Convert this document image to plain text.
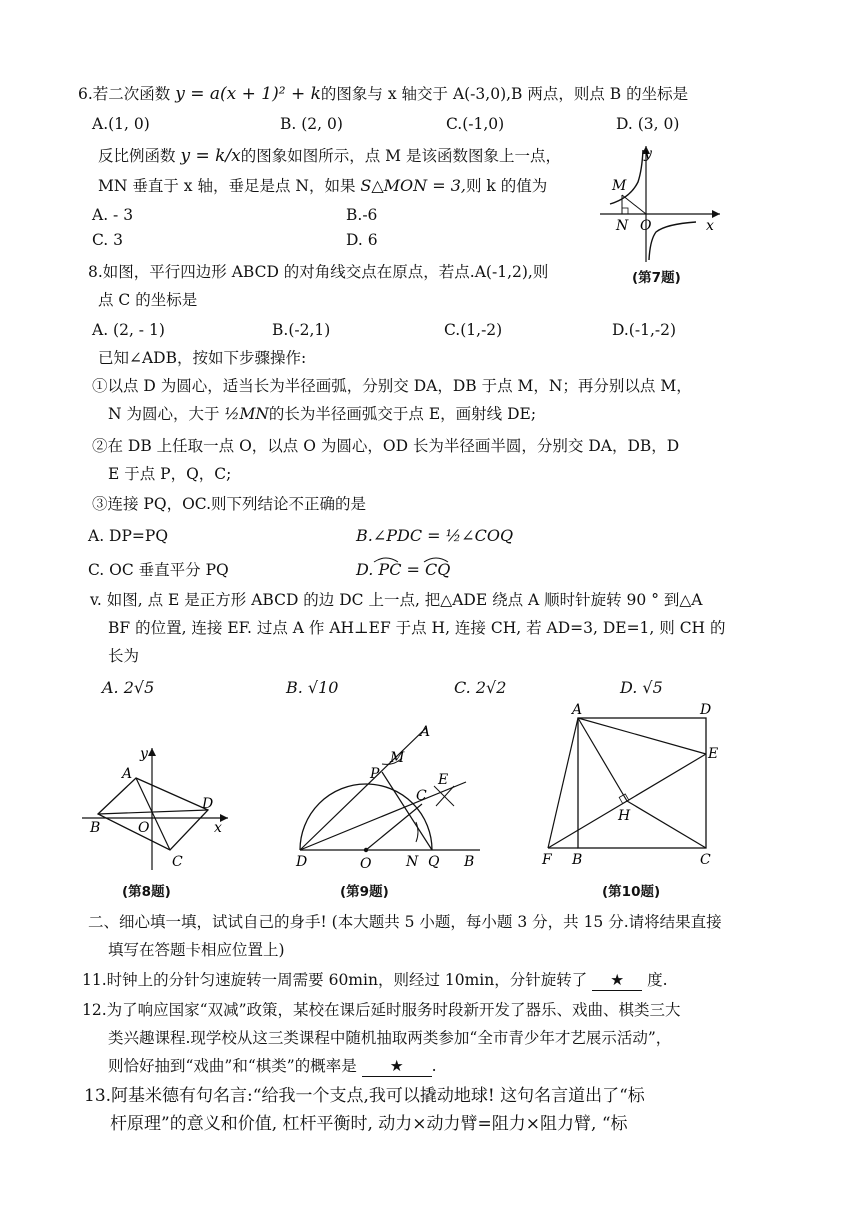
6.若二次函数 y = a(x + 1)² + k的图象与 x 轴交于 A(-3,0),B 两点，则点 B 的坐标是
A.(1, 0)	B. (2, 0)	C.(-1,0)	D. (3, 0)
反比例函数 y = k/x的图象如图所示，点 M 是该函数图象上一点，
MN 垂直于 x 轴，垂足是点 N，如果 S△MON = 3,则 k 的值为
A. - 3	B.-6
C. 3	D. 6
y
x
M
N O
(第7题)
8.如图，平行四边形 ABCD 的对角线交点在原点，若点.A(-1,2),则
点 C 的坐标是
A. (2, - 1)	B.(-2,1)	C.(1,-2)	D.(-1,-2)
已知∠ADB，按如下步骤操作:
①以点 D 为圆心，适当长为半径画弧，分别交 DA，DB 于点 M，N；再分别以点 M，
N 为圆心，大于 ½MN的长为半径画弧交于点 E，画射线 DE;
②在 DB 上任取一点 O，以点 O 为圆心，OD 长为半径画半圆，分别交 DA，DB，D
E 于点 P，Q，C;
③连接 PQ，OC.则下列结论不正确的是
A. DP=PQ	B.∠PDC = ½∠COQ
C. OC 垂直平分 PQ	D. PC = CQ
v. 如图, 点 E 是正方形 ABCD 的边 DC 上一点, 把△ADE 绕点 A 顺时针旋转 90 ° 到△A
BF 的位置, 连接 EF. 过点 A 作 AH⊥EF 于点 H, 连接 CH, 若 AD=3, DE=1, 则 CH 的
长为
A. 2√5	B. √10	C. 2√2	D. √5
y
x
A
B
C
D
O
(第8题)
A
M
P	E
C
D	O N Q B
(第9题)
A	D
E
H
F B	C
(第10题)
二、细心填一填，试试自己的身手! (本大题共 5 小题，每小题 3 分，共 15 分.请将结果直接
填写在答题卡相应位置上)
11.时钟上的分针匀速旋转一周需要 60min，则经过 10min，分针旋转了 ★ 度.
12.为了响应国家“双减”政策，某校在课后延时服务时段新开发了器乐、戏曲、棋类三大
类兴趣课程.现学校从这三类课程中随机抽取两类参加“全市青少年才艺展示活动”，
则恰好抽到“戏曲”和“棋类”的概率是 ★ .
13.阿基米德有句名言:“给我一个支点,我可以撬动地球! 这句名言道出了“标
杆原理”的意义和价值, 杠杆平衡时, 动力×动力臂=阻力×阻力臂, “标
